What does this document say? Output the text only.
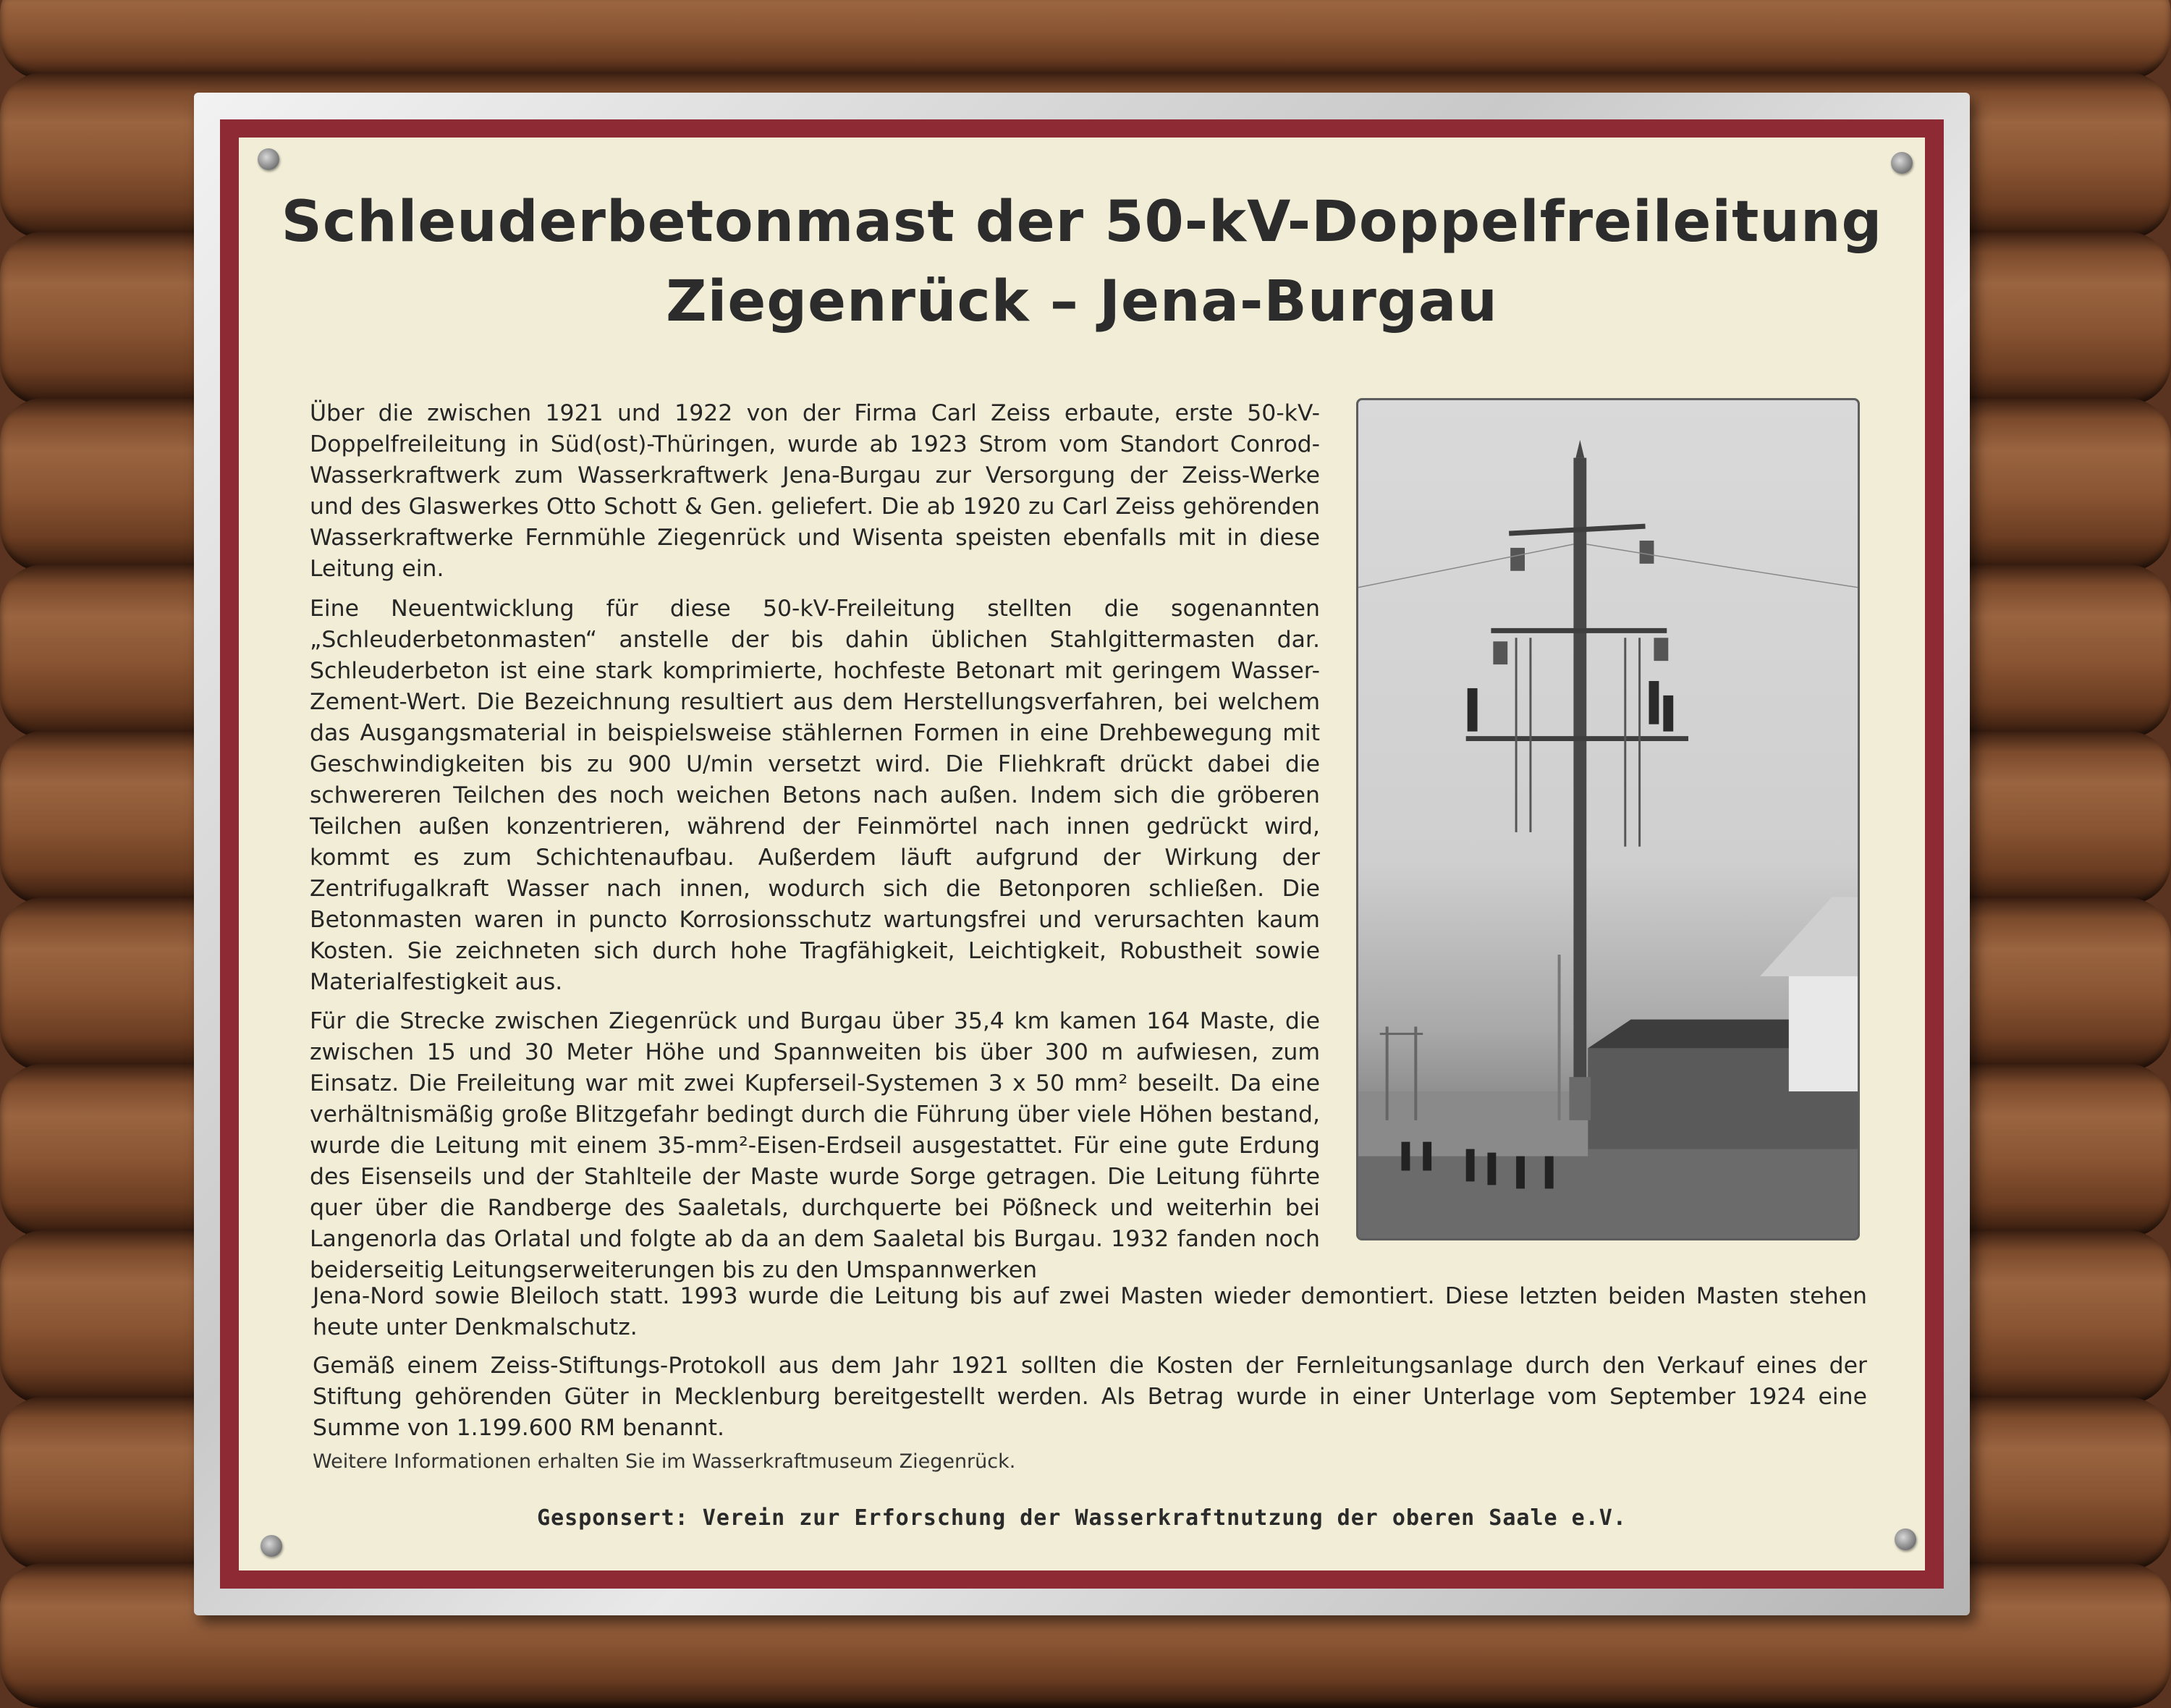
Schleuderbetonmast der 50-kV-Doppelfreileitung
Ziegenrück – Jena-Burgau

Über die zwischen 1921 und 1922 von der Firma Carl Zeiss erbaute, erste 50-kV-Doppelfreileitung in Süd(ost)-Thüringen, wurde ab 1923 Strom vom Standort Conrod-Wasserkraftwerk zum Wasserkraftwerk Jena-Burgau zur Versorgung der Zeiss-Werke und des Glaswerkes Otto Schott & Gen. geliefert. Die ab 1920 zu Carl Zeiss gehörenden Wasserkraftwerke Fernmühle Ziegenrück und Wisenta speisten ebenfalls mit in diese Leitung ein.

Eine Neuentwicklung für diese 50-kV-Freileitung stellten die sogenannten „Schleuderbetonmasten“ anstelle der bis dahin üblichen Stahlgittermasten dar. Schleuderbeton ist eine stark komprimierte, hochfeste Betonart mit geringem Wasser-Zement-Wert. Die Bezeichnung resultiert aus dem Herstellungsverfahren, bei welchem das Ausgangsmaterial in beispielsweise stählernen Formen in eine Drehbewegung mit Geschwindigkeiten bis zu 900 U/min versetzt wird. Die Fliehkraft drückt dabei die schwereren Teilchen des noch weichen Betons nach außen. Indem sich die gröberen Teilchen außen konzentrieren, während der Feinmörtel nach innen gedrückt wird, kommt es zum Schichtenaufbau. Außerdem läuft aufgrund der Wirkung der Zentrifugalkraft Wasser nach innen, wodurch sich die Betonporen schließen. Die Betonmasten waren in puncto Korrosionsschutz wartungsfrei und verursachten kaum Kosten. Sie zeichneten sich durch hohe Tragfähigkeit, Leichtigkeit, Robustheit sowie Materialfestigkeit aus.

Für die Strecke zwischen Ziegenrück und Burgau über 35,4 km kamen 164 Maste, die zwischen 15 und 30 Meter Höhe und Spannweiten bis über 300 m aufwiesen, zum Einsatz. Die Freileitung war mit zwei Kupferseil-Systemen 3 x 50 mm² beseilt. Da eine verhältnismäßig große Blitzgefahr bedingt durch die Führung über viele Höhen bestand, wurde die Leitung mit einem 35-mm²-Eisen-Erdseil ausgestattet. Für eine gute Erdung des Eisenseils und der Stahlteile der Maste wurde Sorge getragen. Die Leitung führte quer über die Randberge des Saaletals, durchquerte bei Pößneck und weiterhin bei Langenorla das Orlatal und folgte ab da an dem Saaletal bis Burgau. 1932 fanden noch beiderseitig Leitungserweiterungen bis zu den Umspannwerken

Jena-Nord sowie Bleiloch statt. 1993 wurde die Leitung bis auf zwei Masten wieder demontiert. Diese letzten beiden Masten stehen heute unter Denkmalschutz.

Gemäß einem Zeiss-Stiftungs-Protokoll aus dem Jahr 1921 sollten die Kosten der Fernleitungsanlage durch den Verkauf eines der Stiftung gehörenden Güter in Mecklenburg bereitgestellt werden. Als Betrag wurde in einer Unterlage vom September 1924 eine Summe von 1.199.600 RM benannt.

Weitere Informationen erhalten Sie im Wasserkraftmuseum Ziegenrück.

Gesponsert: Verein zur Erforschung der Wasserkraftnutzung der oberen Saale e.V.
